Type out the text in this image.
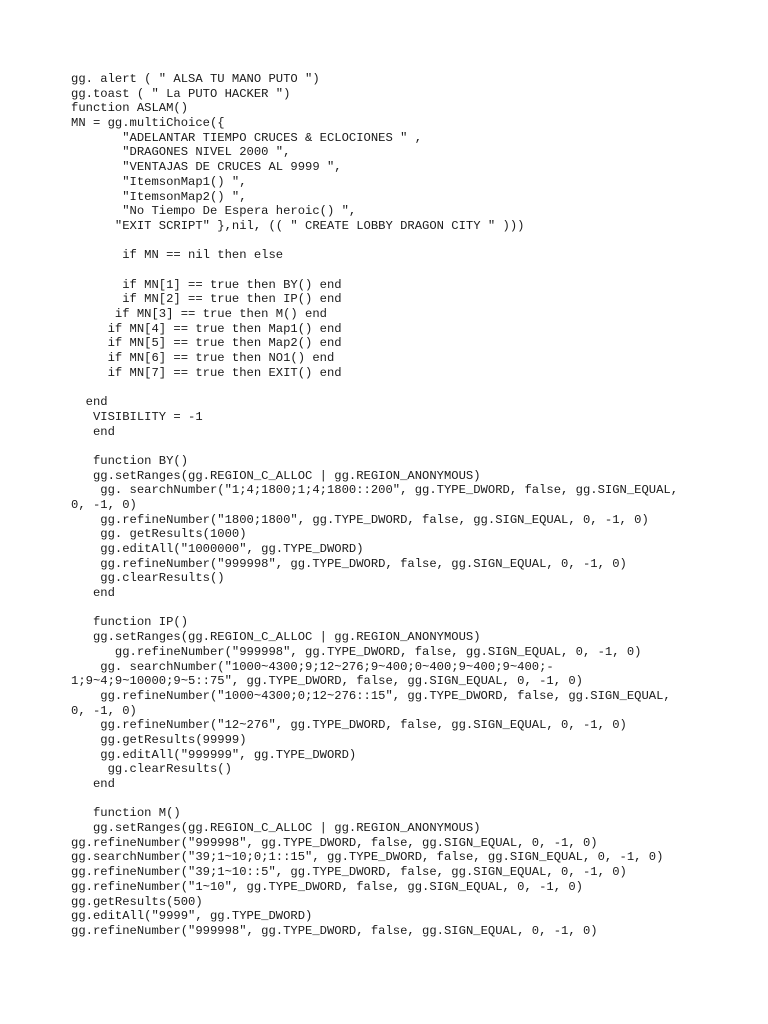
gg. alert ( " ALSA TU MANO PUTO ")
gg.toast ( " La PUTO HACKER ")
function ASLAM()
MN = gg.multiChoice({
"ADELANTAR TIEMPO CRUCES & ECLOCIONES " ,
"DRAGONES NIVEL 2000 ",
"VENTAJAS DE CRUCES AL 9999 ",
"ItemsonMap1() ",
"ItemsonMap2() ",
"No Tiempo De Espera heroic() ",
"EXIT SCRIPT" },nil, (( " CREATE LOBBY DRAGON CITY " )))
if MN == nil then else
if MN[1] == true then BY() end
if MN[2] == true then IP() end
if MN[3] == true then M() end
if MN[4] == true then Map1() end
if MN[5] == true then Map2() end
if MN[6] == true then NO1() end
if MN[7] == true then EXIT() end
end
VISIBILITY = -1
end
function BY()
gg.setRanges(gg.REGION_C_ALLOC | gg.REGION_ANONYMOUS)
gg. searchNumber("1;4;1800;1;4;1800::200", gg.TYPE_DWORD, false, gg.SIGN_EQUAL,
0, -1, 0)
gg.refineNumber("1800;1800", gg.TYPE_DWORD, false, gg.SIGN_EQUAL, 0, -1, 0)
gg. getResults(1000)
gg.editAll("1000000", gg.TYPE_DWORD)
gg.refineNumber("999998", gg.TYPE_DWORD, false, gg.SIGN_EQUAL, 0, -1, 0)
gg.clearResults()
end
function IP()
gg.setRanges(gg.REGION_C_ALLOC | gg.REGION_ANONYMOUS)
gg.refineNumber("999998", gg.TYPE_DWORD, false, gg.SIGN_EQUAL, 0, -1, 0)
gg. searchNumber("1000~4300;9;12~276;9~400;0~400;9~400;9~400;-
1;9~4;9~10000;9~5::75", gg.TYPE_DWORD, false, gg.SIGN_EQUAL, 0, -1, 0)
gg.refineNumber("1000~4300;0;12~276::15", gg.TYPE_DWORD, false, gg.SIGN_EQUAL,
0, -1, 0)
gg.refineNumber("12~276", gg.TYPE_DWORD, false, gg.SIGN_EQUAL, 0, -1, 0)
gg.getResults(99999)
gg.editAll("999999", gg.TYPE_DWORD)
gg.clearResults()
end
function M()
gg.setRanges(gg.REGION_C_ALLOC | gg.REGION_ANONYMOUS)
gg.refineNumber("999998", gg.TYPE_DWORD, false, gg.SIGN_EQUAL, 0, -1, 0)
gg.searchNumber("39;1~10;0;1::15", gg.TYPE_DWORD, false, gg.SIGN_EQUAL, 0, -1, 0)
gg.refineNumber("39;1~10::5", gg.TYPE_DWORD, false, gg.SIGN_EQUAL, 0, -1, 0)
gg.refineNumber("1~10", gg.TYPE_DWORD, false, gg.SIGN_EQUAL, 0, -1, 0)
gg.getResults(500)
gg.editAll("9999", gg.TYPE_DWORD)
gg.refineNumber("999998", gg.TYPE_DWORD, false, gg.SIGN_EQUAL, 0, -1, 0)
